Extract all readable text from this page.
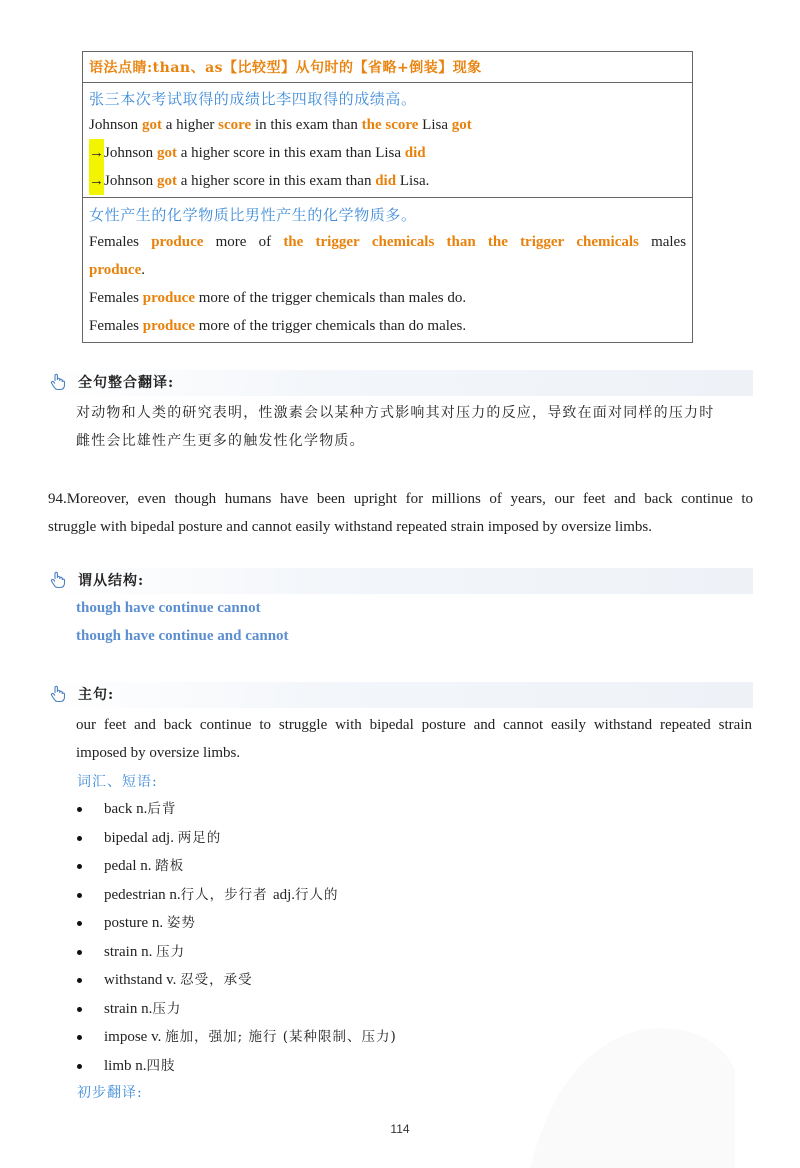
语法点睛:than、as【比较型】从句时的【省略+倒装】现象
张三本次考试取得的成绩比李四取得的成绩高。
Johnson got a higher score in this exam than the score Lisa got
→Johnson got a higher score in this exam than Lisa did
→Johnson got a higher score in this exam than did Lisa.
女性产生的化学物质比男性产生的化学物质多。
Females produce more of the trigger chemicals than the trigger chemicals males
produce.
Females produce more of the trigger chemicals than males do.
Females produce more of the trigger chemicals than do males.
全句整合翻译:
对动物和人类的研究表明，性激素会以某种方式影响其对压力的反应，导致在面对同样的压力时
雌性会比雄性产生更多的触发性化学物质。
94.Moreover, even though humans have been upright for millions of years, our feet and back continue to
struggle with bipedal posture and cannot easily withstand repeated strain imposed by oversize limbs.
谓从结构:
though have continue cannot
though have continue and cannot
主句:
our feet and back continue to struggle with bipedal posture and cannot easily withstand repeated strain
imposed by oversize limbs.
词汇、短语:
back n.后背
bipedal adj. 两足的
pedal n. 踏板
pedestrian n.行人，步行者 adj.行人的
posture n. 姿势
strain n. 压力
withstand v. 忍受，承受
strain n.压力
impose v. 施加，强加; 施行 (某种限制、压力)
limb n.四肢
初步翻译:
114
